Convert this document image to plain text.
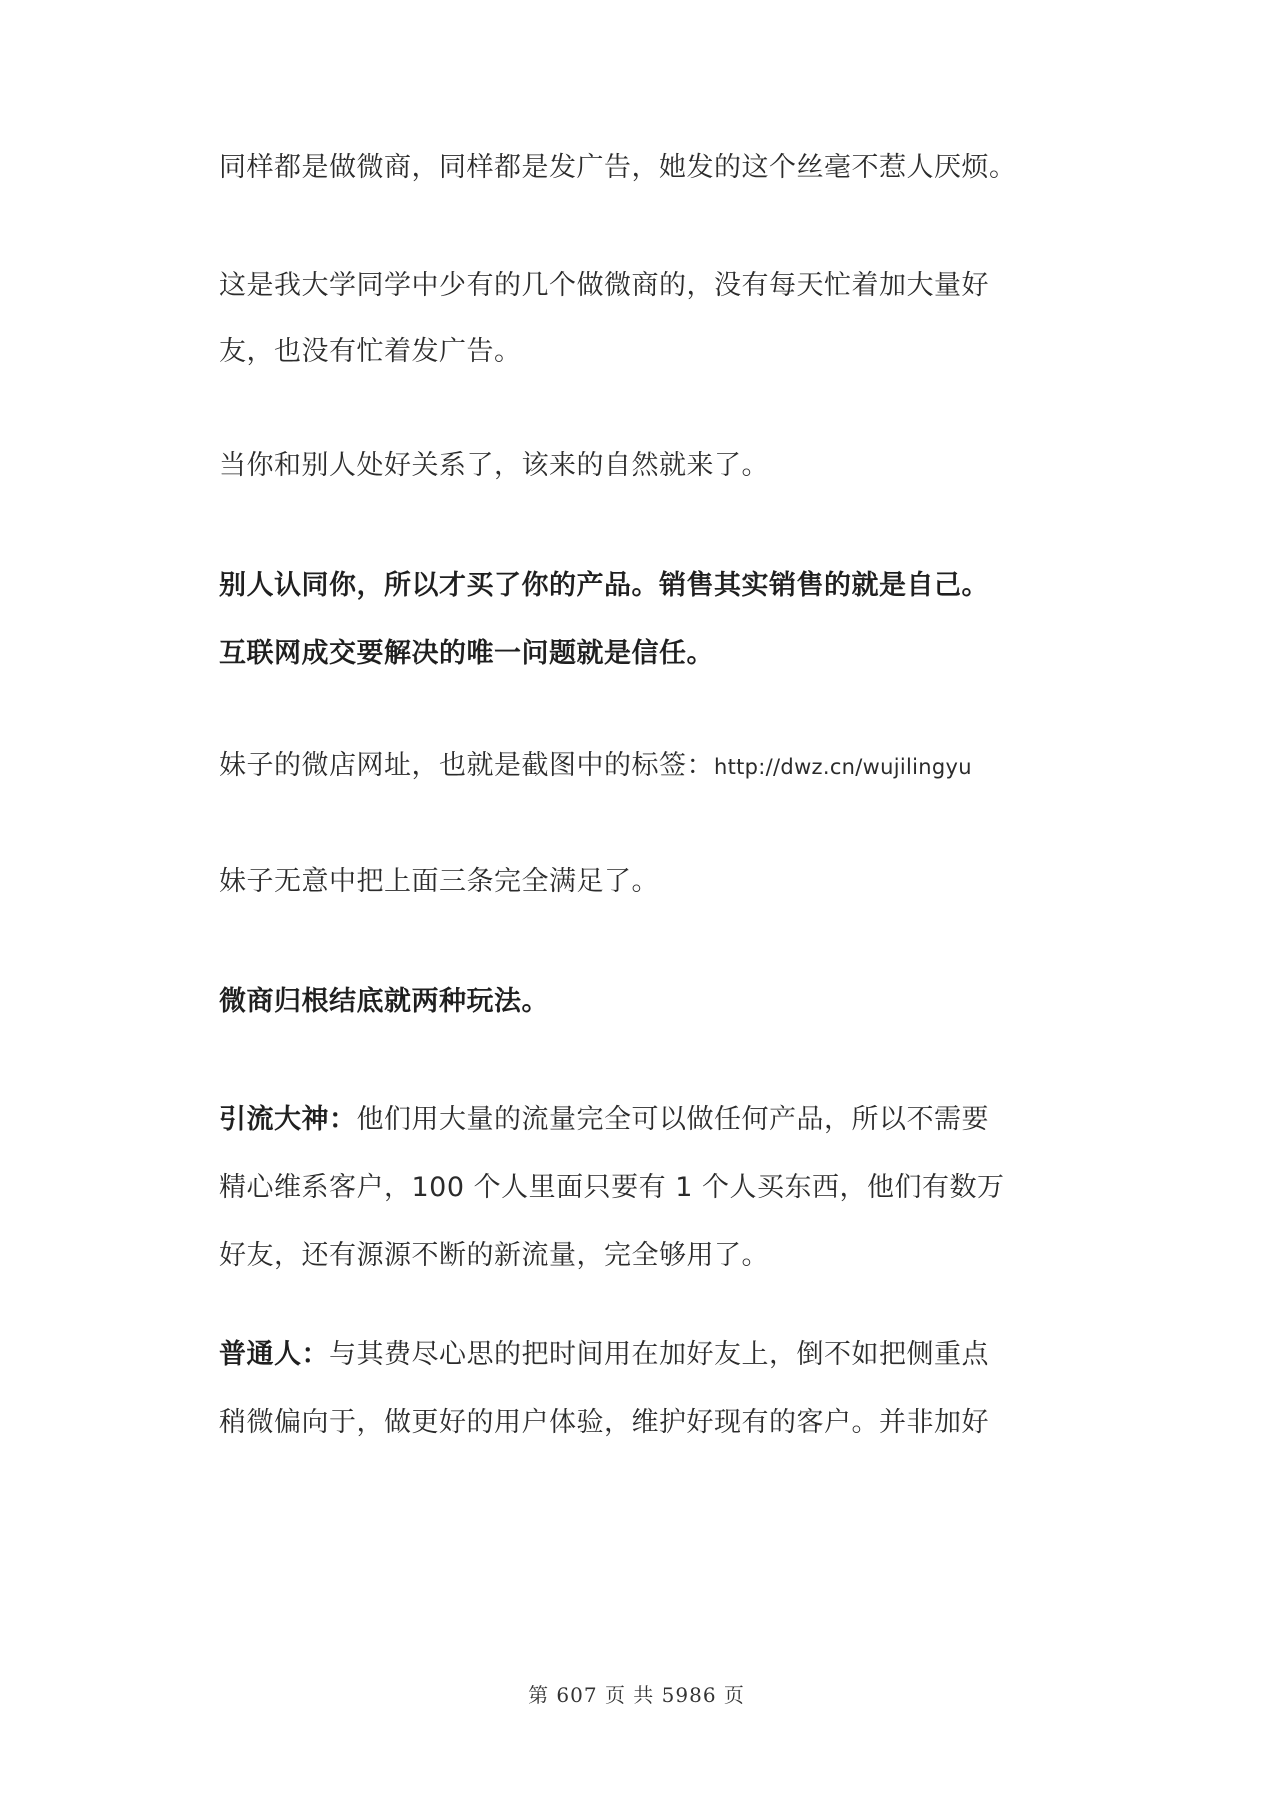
同样都是做微商，同样都是发广告，她发的这个丝毫不惹人厌烦。

这是我大学同学中少有的几个做微商的，没有每天忙着加大量好
友，也没有忙着发广告。

当你和别人处好关系了，该来的自然就来了。

别人认同你，所以才买了你的产品。销售其实销售的就是自己。
互联网成交要解决的唯一问题就是信任。

妹子的微店网址，也就是截图中的标签：http://dwz.cn/wujilingyu

妹子无意中把上面三条完全满足了。

微商归根结底就两种玩法。

引流大神：他们用大量的流量完全可以做任何产品，所以不需要
精心维系客户，100 个人里面只要有 1 个人买东西，他们有数万
好友，还有源源不断的新流量，完全够用了。

普通人：与其费尽心思的把时间用在加好友上，倒不如把侧重点
稍微偏向于，做更好的用户体验，维护好现有的客户。并非加好

第 607 页 共 5986 页
